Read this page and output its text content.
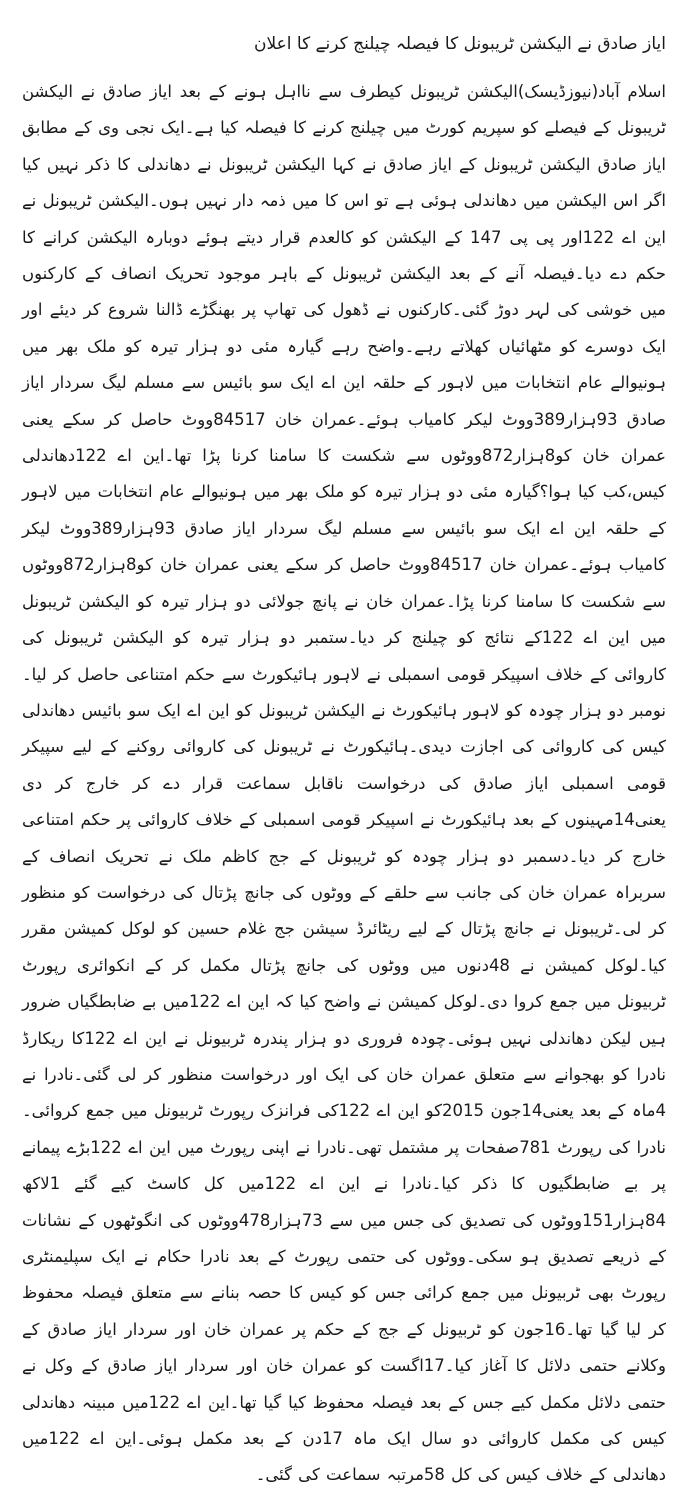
ایاز صادق نے الیکشن ٹریبونل کا فیصلہ چیلنج کرنے کا اعلان

اسلام آباد(نیوزڈیسک)الیکشن ٹریبونل کیطرف سے نااہل ہونے کے بعد ایاز صادق نے الیکشن ٹریبونل کے فیصلے کو سپریم کورٹ میں چیلنج کرنے کا فیصلہ کیا ہے۔ایک نجی وی کے مطابق ایاز صادق الیکشن ٹریبونل کے ایاز صادق نے کہا الیکشن ٹریبونل نے دھاندلی کا ذکر نہیں کیا اگر اس الیکشن میں دھاندلی ہوئی ہے تو اس کا میں ذمہ دار نہیں ہوں۔الیکشن ٹریبونل نے این اے 122اور پی پی 147 کے الیکشن کو کالعدم قرار دیتے ہوئے دوبارہ الیکشن کرانے کا حکم دے دیا۔فیصلہ آنے کے بعد الیکشن ٹریبونل کے باہر موجود تحریک انصاف کے کارکنوں میں خوشی کی لہر دوڑ گئی۔کارکنوں نے ڈھول کی تھاپ پر بھنگڑے ڈالنا شروع کر دیئے اور ایک دوسرے کو مٹھائیاں کھلاتے رہے۔واضح رہے گیارہ مئی دو ہزار تیرہ کو ملک بھر میں ہونیوالے عام انتخابات میں لاہور کے حلقہ این اے ایک سو بائیس سے مسلم لیگ سردار ایاز صادق 93ہزار389ووٹ لیکر کامیاب ہوئے۔عمران خان 84517ووٹ حاصل کر سکے یعنی عمران خان کو8ہزار872ووٹوں سے شکست کا سامنا کرنا پڑا تھا۔این اے 122دھاندلی کیس،کب کیا ہوا؟گیارہ مئی دو ہزار تیرہ کو ملک بھر میں ہونیوالے عام انتخابات میں لاہور کے حلقہ این اے ایک سو بائیس سے مسلم لیگ سردار ایاز صادق 93ہزار389ووٹ لیکر کامیاب ہوئے۔عمران خان 84517ووٹ حاصل کر سکے یعنی عمران خان کو8ہزار872ووٹوں سے شکست کا سامنا کرنا پڑا۔عمران خان نے پانچ جولائی دو ہزار تیرہ کو الیکشن ٹریبونل میں این اے 122کے نتائج کو چیلنج کر دیا۔ستمبر دو ہزار تیرہ کو الیکشن ٹریبونل کی کاروائی کے خلاف اسپیکر قومی اسمبلی نے لاہور ہائیکورٹ سے حکم امتناعی حاصل کر لیا۔نومبر دو ہزار چودہ کو لاہور ہائیکورٹ نے الیکشن ٹریبونل کو این اے ایک سو بائیس دھاندلی کیس کی کاروائی کی اجازت دیدی۔ہائیکورٹ نے ٹریبونل کی کاروائی روکنے کے لیے سپیکر قومی اسمبلی ایاز صادق کی درخواست ناقابل سماعت قرار دے کر خارج کر دی یعنی14مہینوں کے بعد ہائیکورٹ نے اسپیکر قومی اسمبلی کے خلاف کاروائی پر حکم امتناعی خارج کر دیا۔دسمبر دو ہزار چودہ کو ٹریبونل کے جج کاظم ملک نے تحریک انصاف کے سربراہ عمران خان کی جانب سے حلقے کے ووٹوں کی جانچ پڑتال کی درخواست کو منظور کر لی۔ٹریبونل نے جانچ پڑتال کے لیے ریٹائرڈ سیشن جج غلام حسین کو لوکل کمیشن مقرر کیا۔لوکل کمیشن نے 48دنوں میں ووٹوں کی جانچ پڑتال مکمل کر کے انکوائری رپورٹ ٹربیونل میں جمع کروا دی۔لوکل کمیشن نے واضح کیا کہ این اے 122میں بے ضابطگیاں ضرور ہیں لیکن دھاندلی نہیں ہوئی۔چودہ فروری دو ہزار پندرہ ٹربیونل نے این اے 122کا ریکارڈ نادرا کو بھجوانے سے متعلق عمران خان کی ایک اور درخواست منظور کر لی گئی۔نادرا نے 4ماہ کے بعد یعنی14جون 2015کو این اے 122کی فرانزک رپورٹ ٹربیونل میں جمع کروائی۔نادرا کی رپورٹ 781صفحات پر مشتمل تھی۔نادرا نے اپنی رپورٹ میں این اے 122بڑے پیمانے پر بے ضابطگیوں کا ذکر کیا۔نادرا نے این اے 122میں کل کاسٹ کیے گئے 1لاکھ 84ہزار151ووٹوں کی تصدیق کی جس میں سے 73ہزار478ووٹوں کی انگوٹھوں کے نشانات کے ذریعے تصدیق ہو سکی۔ووٹوں کی حتمی رپورٹ کے بعد نادرا حکام نے ایک سپلیمنٹری رپورٹ بھی ٹربیونل میں جمع کرائی جس کو کیس کا حصہ بنانے سے متعلق فیصلہ محفوظ کر لیا گیا تھا۔16جون کو ٹربیونل کے جج کے حکم پر عمران خان اور سردار ایاز صادق کے وکلانے حتمی دلائل کا آغاز کیا۔17اگست کو عمران خان اور سردار ایاز صادق کے وکل نے حتمی دلائل مکمل کیے جس کے بعد فیصلہ محفوظ کیا گیا تھا۔این اے 122میں مبینہ دھاندلی کیس کی مکمل کاروائی دو سال ایک ماہ 17دن کے بعد مکمل ہوئی۔این اے 122میں دھاندلی کے خلاف کیس کی کل 58مرتبہ سماعت کی گئی۔
